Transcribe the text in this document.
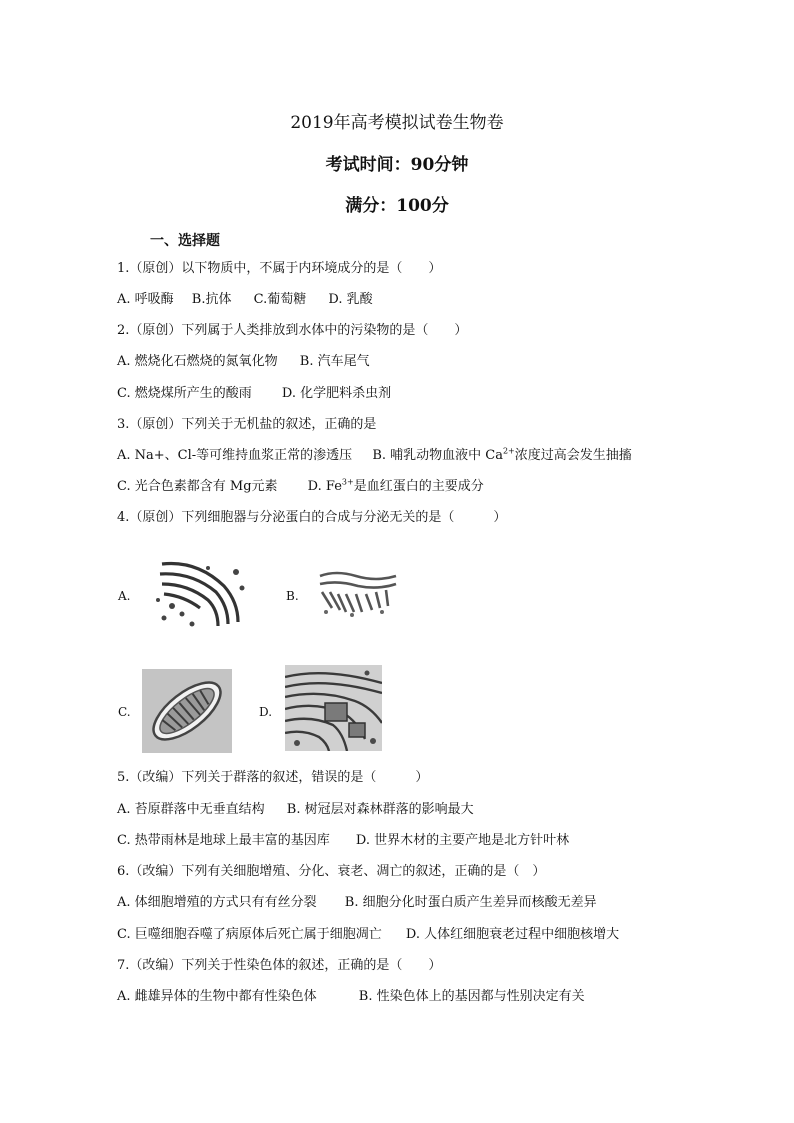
2019年高考模拟试卷生物卷
考试时间：90分钟
满分：100分
一、选择题
1.（原创）以下物质中，不属于内环境成分的是（　　）
A. 呼吸酶 B.抗体 C.葡萄糖 D. 乳酸
2.（原创）下列属于人类排放到水体中的污染物的是（　　）
A. 燃烧化石燃烧的氮氧化物 B. 汽车尾气
C. 燃烧煤所产生的酸雨 D. 化学肥料杀虫剂
3.（原创）下列关于无机盐的叙述，正确的是
A. Na+、Cl-等可维持血浆正常的渗透压 B. 哺乳动物血液中 $Ca^{2+}$浓度过高会发生抽搐
C. 光合色素都含有 Mg元素 D. $Fe^{3+}$是血红蛋白的主要成分
4.（原创）下列细胞器与分泌蛋白的合成与分泌无关的是（　　　）
A.	B.
C.	D.
5.（改编）下列关于群落的叙述，错误的是（　　　）
A. 苔原群落中无垂直结构 B. 树冠层对森林群落的影响最大
C. 热带雨林是地球上最丰富的基因库 D. 世界木材的主要产地是北方针叶林
6.（改编）下列有关细胞增殖、分化、衰老、凋亡的叙述，正确的是（　）
A. 体细胞增殖的方式只有有丝分裂 B. 细胞分化时蛋白质产生差异而核酸无差异
C. 巨噬细胞吞噬了病原体后死亡属于细胞凋亡 D. 人体红细胞衰老过程中细胞核增大
7.（改编）下列关于性染色体的叙述，正确的是（　　）
A. 雌雄异体的生物中都有性染色体	B. 性染色体上的基因都与性别决定有关
